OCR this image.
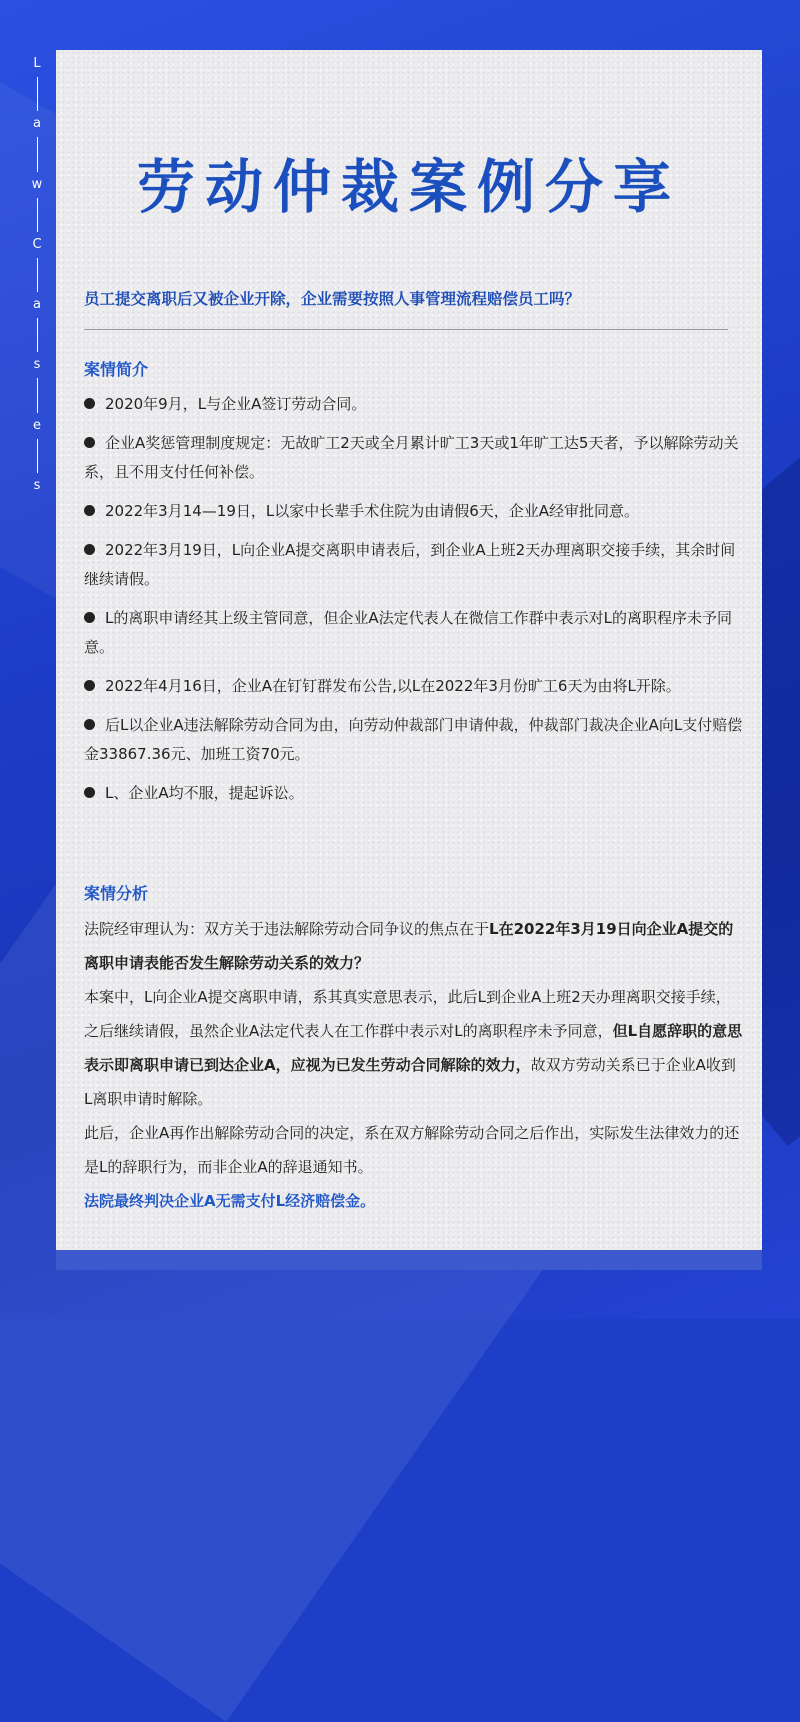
L
a
w
C
a
s
e
s
劳动仲裁案例分享
员工提交离职后又被企业开除，企业需要按照人事管理流程赔偿员工吗？
案情简介
2020年9月，L与企业A签订劳动合同。
企业A奖惩管理制度规定：无故旷工2天或全月累计旷工3天或1年旷工达5天者，予以解除劳动关系，且不用支付任何补偿。
2022年3月14—19日，L以家中长辈手术住院为由请假6天，企业A经审批同意。
2022年3月19日，L向企业A提交离职申请表后，到企业A上班2天办理离职交接手续，其余时间继续请假。
L的离职申请经其上级主管同意，但企业A法定代表人在微信工作群中表示对L的离职程序未予同意。
2022年4月16日，企业A在钉钉群发布公告,以L在2022年3月份旷工6天为由将L开除。
后L以企业A违法解除劳动合同为由，向劳动仲裁部门申请仲裁，仲裁部门裁决企业A向L支付赔偿金33867.36元、加班工资70元。
L、企业A均不服，提起诉讼。
案情分析

法院经审理认为：双方关于违法解除劳动合同争议的焦点在于L在2022年3月19日向企业A提交的离职申请表能否发生解除劳动关系的效力？

本案中，L向企业A提交离职申请，系其真实意思表示，此后L到企业A上班2天办理离职交接手续，之后继续请假，虽然企业A法定代表人在工作群中表示对L的离职程序未予同意，但L自愿辞职的意思表示即离职申请已到达企业A，应视为已发生劳动合同解除的效力，故双方劳动关系已于企业A收到L离职申请时解除。

此后，企业A再作出解除劳动合同的决定，系在双方解除劳动合同之后作出，实际发生法律效力的还是L的辞职行为，而非企业A的辞退通知书。

法院最终判决企业A无需支付L经济赔偿金。
